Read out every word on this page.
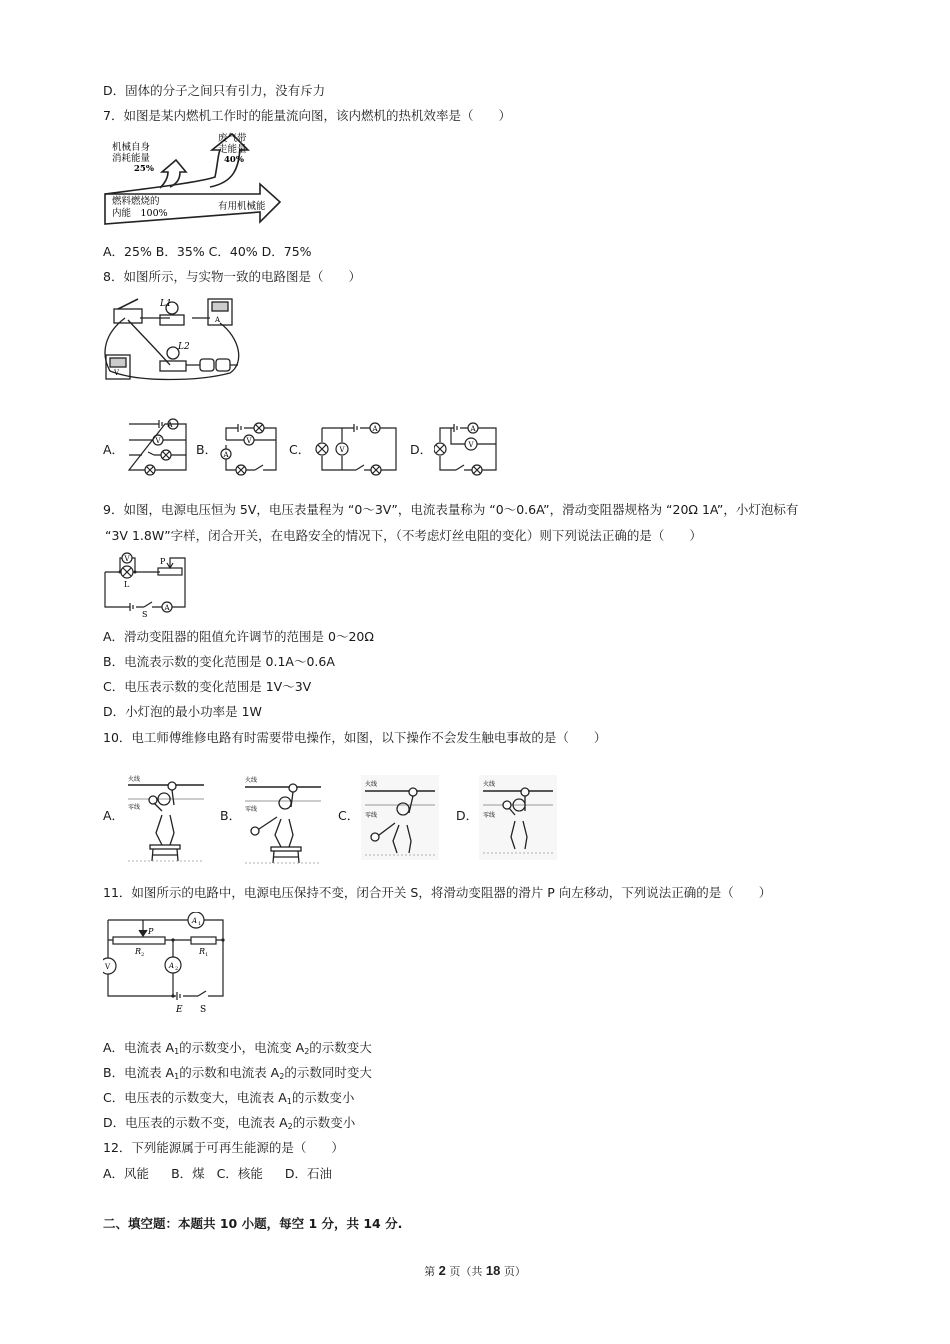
D．固体的分子之间只有引力，没有斥力
7．如图是某内燃机工作时的能量流向图，该内燃机的热机效率是（　　）
机械自身
消耗能量
25%
废气带
走能量
40%
燃料燃烧的
内能　100%
有用机械能
A．25% B．35% C．40% D．75%
8．如图所示，与实物一致的电路图是（　　）
L1
L2
A
V
A．
A
V
B．
V
A	C．
A
V	D．
A
V
9．如图，电源电压恒为 5V，电压表量程为 “0～3V”，电流表量称为 “0～0.6A”，滑动变阻器规格为 “20Ω 1A”，小灯泡标有
“3V 1.8W”字样，闭合开关，在电路安全的情况下，（不考虑灯丝电阻的变化）则下列说法正确的是（　　）
V
L
P
S
A
A．滑动变阻器的阻值允许调节的范围是 0～20Ω
B．电流表示数的变化范围是 0.1A～0.6A
C．电压表示数的变化范围是 1V～3V
D．小灯泡的最小功率是 1W
10．电工师傅维修电路有时需要带电操作，如图，以下操作不会发生触电事故的是（　　）
A．
火线
零线
B．
火线
零线	C．
火线
零线	D．
火线
零线
11．如图所示的电路中，电源电压保持不变，闭合开关 S，将滑动变阻器的滑片 P 向左移动，下列说法正确的是（　　）
A 1
P
R 2	R 1
A 2
V
E S
A．电流表 $A_1$的示数变小，电流变 $A_2$的示数变大
B．电流表 $A_1$的示数和电流表 $A_2$的示数同时变大
C．电压表的示数变大，电流表 $A_1$的示数变小
D．电压表的示数不变，电流表 $A_2$的示数变小
12．下列能源属于可再生能源的是（　　）
A．风能 B．煤 C．核能 D．石油
二、填空题：本题共 10 小题，每空 1 分，共 14 分.
第 2 页（共 18 页）
